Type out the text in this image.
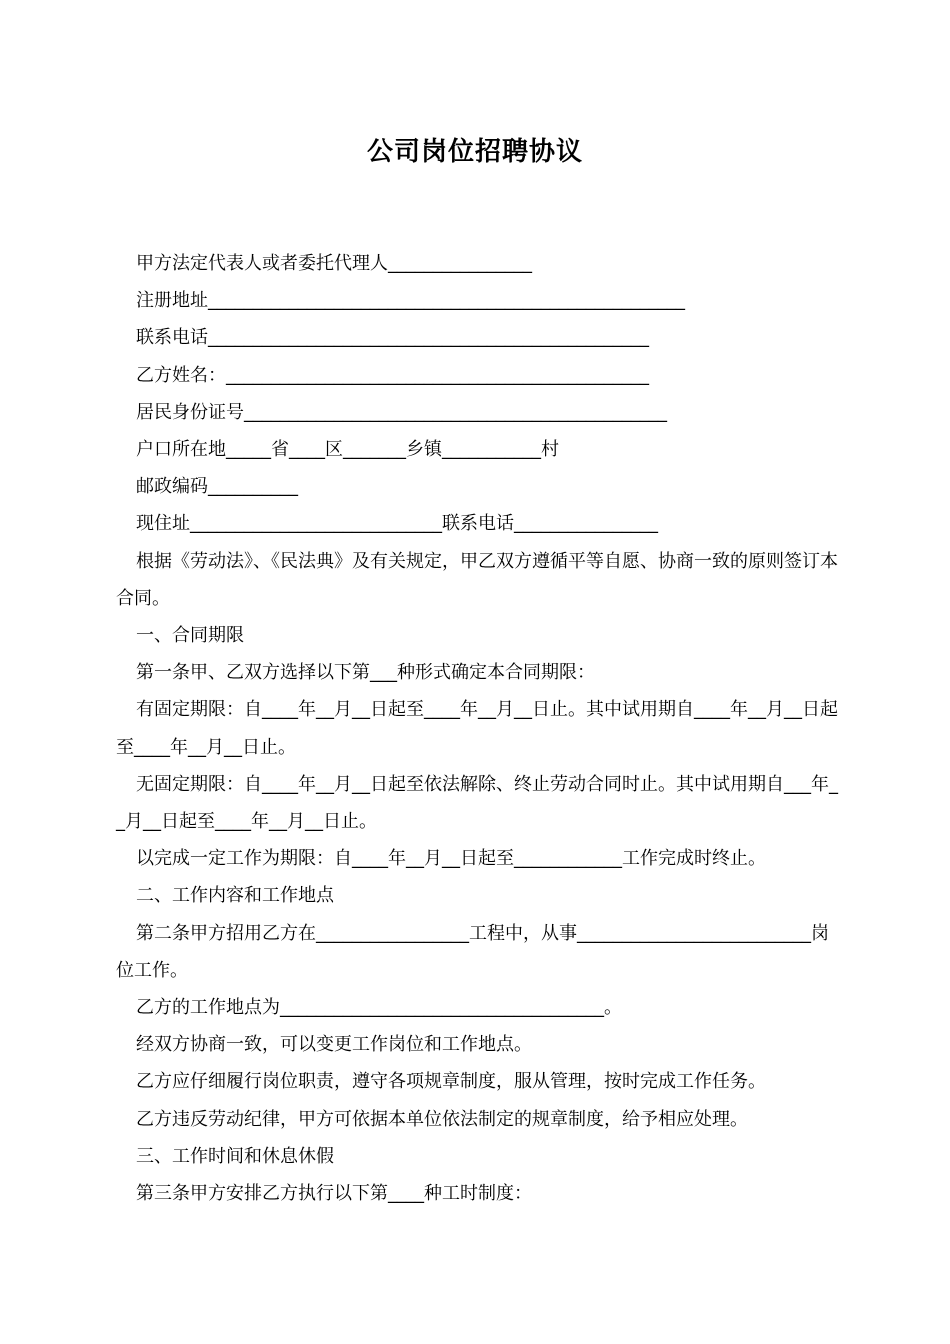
公司岗位招聘协议

甲方法定代表人或者委托代理人________________

注册地址_____________________________________________________

联系电话_________________________________________________

乙方姓名：_______________________________________________

居民身份证号_______________________________________________

户口所在地_____省____区_______乡镇___________村

邮政编码__________

现住址____________________________联系电话________________

根据《劳动法》、《民法典》及有关规定，甲乙双方遵循平等自愿、协商一致的原则签订本合同。

一、合同期限

第一条甲、乙双方选择以下第___种形式确定本合同期限：

有固定期限：自____年__月__日起至____年__月__日止。其中试用期自____年__月__日起至____年__月__日止。

无固定期限：自____年__月__日起至依法解除、终止劳动合同时止。其中试用期自___年__月__日起至____年__月__日止。

以完成一定工作为期限：自____年__月__日起至____________工作完成时终止。

二、工作内容和工作地点

第二条甲方招用乙方在_________________工程中，从事__________________________岗位工作。

乙方的工作地点为____________________________________。

经双方协商一致，可以变更工作岗位和工作地点。

乙方应仔细履行岗位职责，遵守各项规章制度，服从管理，按时完成工作任务。

乙方违反劳动纪律，甲方可依据本单位依法制定的规章制度，给予相应处理。

三、工作时间和休息休假

第三条甲方安排乙方执行以下第____种工时制度：
